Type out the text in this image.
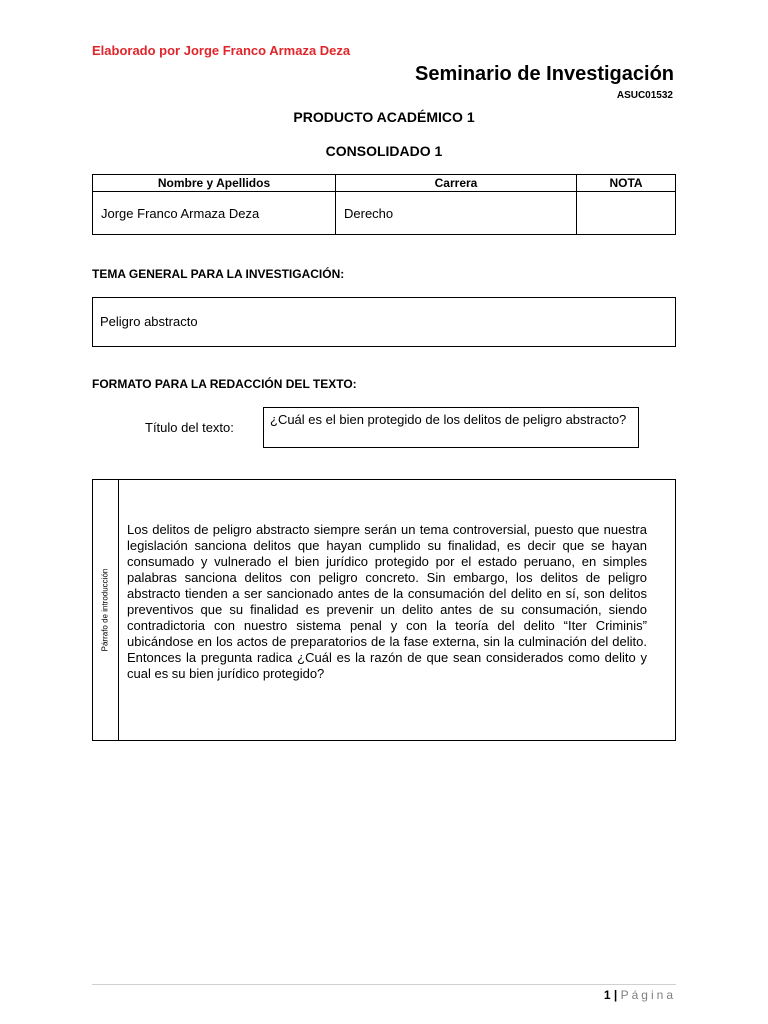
Elaborado por Jorge Franco Armaza Deza
Seminario de Investigación
ASUC01532
PRODUCTO ACADÉMICO 1
CONSOLIDADO 1
Nombre y Apellidos	Carrera	NOTA
Jorge Franco Armaza Deza	Derecho	
TEMA GENERAL PARA LA INVESTIGACIÓN:
Peligro abstracto
FORMATO PARA LA REDACCIÓN DEL TEXTO:
Título del texto:
¿Cuál es el bien protegido de los delitos de peligro abstracto?
Párrafo de introducción
Los delitos de peligro abstracto siempre serán un tema controversial, puesto que nuestra legislación sanciona delitos que hayan cumplido su finalidad, es decir que se hayan consumado y vulnerado el bien jurídico protegido por el estado peruano, en simples palabras sanciona delitos con peligro concreto. Sin embargo, los delitos de peligro abstracto tienden a ser sancionado antes de la consumación del delito en sí, son delitos preventivos que su finalidad es prevenir un delito antes de su consumación, siendo contradictoria con nuestro sistema penal y con la teoría del delito “Iter Criminis” ubicándose en los actos de preparatorios de la fase externa, sin la culminación del delito. Entonces la pregunta radica ¿Cuál es la razón de que sean considerados como delito y cual es su bien jurídico protegido?
1 | Página
